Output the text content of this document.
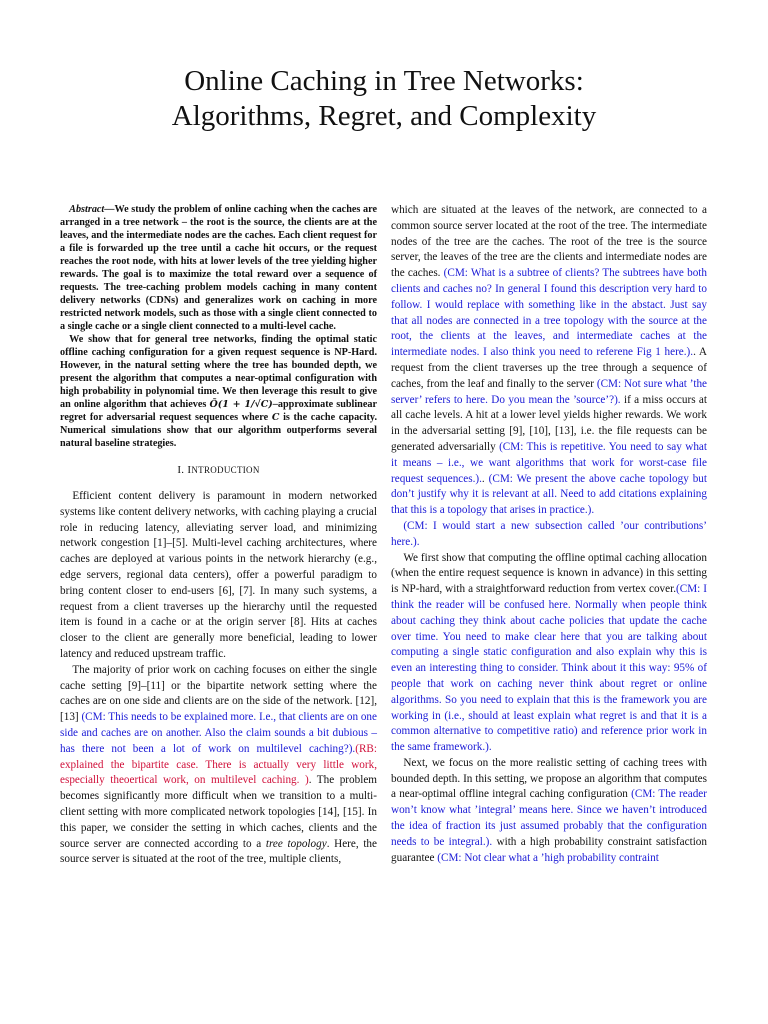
Online Caching in Tree Networks:
Algorithms, Regret, and Complexity

Abstract—We study the problem of online caching when the caches are arranged in a tree network – the root is the source, the clients are at the leaves, and the intermediate nodes are the caches. Each client request for a file is forwarded up the tree until a cache hit occurs, or the request reaches the root node, with hits at lower levels of the tree yielding higher rewards. The goal is to maximize the total reward over a sequence of requests. The tree-caching problem models caching in many content delivery networks (CDNs) and generalizes work on caching in more restricted network models, such as those with a single client connected to a single cache or a single client connected to a multi-level cache.

We show that for general tree networks, finding the optimal static offline caching configuration for a given request sequence is NP-Hard. However, in the natural setting where the tree has bounded depth, we present the algorithm that computes a near-optimal configuration with high probability in polynomial time. We then leverage this result to give an online algorithm that achieves Õ(1 + 1/√C)–approximate sublinear regret for adversarial request sequences where C is the cache capacity. Numerical simulations show that our algorithm outperforms several natural baseline strategies.

I. INTRODUCTION

Efficient content delivery is paramount in modern networked systems like content delivery networks, with caching playing a crucial role in reducing latency, alleviating server load, and minimizing network congestion [1]–[5]. Multi-level caching architectures, where caches are deployed at various points in the network hierarchy (e.g., edge servers, regional data centers), offer a powerful paradigm to bring content closer to end-users [6], [7]. In many such systems, a request from a client traverses up the hierarchy until the requested item is found in a cache or at the origin server [8]. Hits at caches closer to the client are generally more beneficial, leading to lower latency and reduced upstream traffic.

The majority of prior work on caching focuses on either the single cache setting [9]–[11] or the bipartite network setting where the caches are on one side and clients are on the side of the network. [12], [13] (CM: This needs to be explained more. I.e., that clients are on one side and caches are on another. Also the claim sounds a bit dubious – has there not been a lot of work on multilevel caching?).(RB: explained the bipartite case. There is actually very little work, especially theoertical work, on multilevel caching. ). The problem becomes significantly more difficult when we transition to a multi-client setting with more complicated network topologies [14], [15]. In this paper, we consider the setting in which caches, clients and the source server are connected according to a tree topology. Here, the source server is situated at the root of the tree, multiple clients,

which are situated at the leaves of the network, are connected to a common source server located at the root of the tree. The intermediate nodes of the tree are the caches. The root of the tree is the source server, the leaves of the tree are the clients and intermediate nodes are the caches. (CM: What is a subtree of clients? The subtrees have both clients and caches no? In general I found this description very hard to follow. I would replace with something like in the abstact. Just say that all nodes are connected in a tree topology with the source at the root, the clients at the leaves, and intermediate caches at the intermediate nodes. I also think you need to referene Fig 1 here.).. A request from the client traverses up the tree through a sequence of caches, from the leaf and finally to the server (CM: Not sure what ’the server’ refers to here. Do you mean the ’source’?). if a miss occurs at all cache levels. A hit at a lower level yields higher rewards. We work in the adversarial setting [9], [10], [13], i.e. the file requests can be generated adversarially (CM: This is repetitive. You need to say what it means – i.e., we want algorithms that work for worst-case file request sequences.).. (CM: We present the above cache topology but don’t justify why it is relevant at all. Need to add citations explaining that this is a topology that arises in practice.).

(CM: I would start a new subsection called ’our contributions’ here.).

We first show that computing the offline optimal caching allocation (when the entire request sequence is known in advance) in this setting is NP-hard, with a straightforward reduction from vertex cover.(CM: I think the reader will be confused here. Normally when people think about caching they think about cache policies that update the cache over time. You need to make clear here that you are talking about computing a single static configuration and also explain why this is even an interesting thing to consider. Think about it this way: 95% of people that work on caching never think about regret or online algorithms. So you need to explain that this is the framework you are working in (i.e., should at least explain what regret is and that it is a common alternative to competitive ratio) and reference prior work in the same framework.).

Next, we focus on the more realistic setting of caching trees with bounded depth. In this setting, we propose an algorithm that computes a near-optimal offline integral caching configuration (CM: The reader won’t know what ’integral’ means here. Since we haven’t introduced the idea of fraction its just assumed probably that the configuration needs to be integral.). with a high probability constraint satisfaction guarantee (CM: Not clear what a ’high probability contraint
